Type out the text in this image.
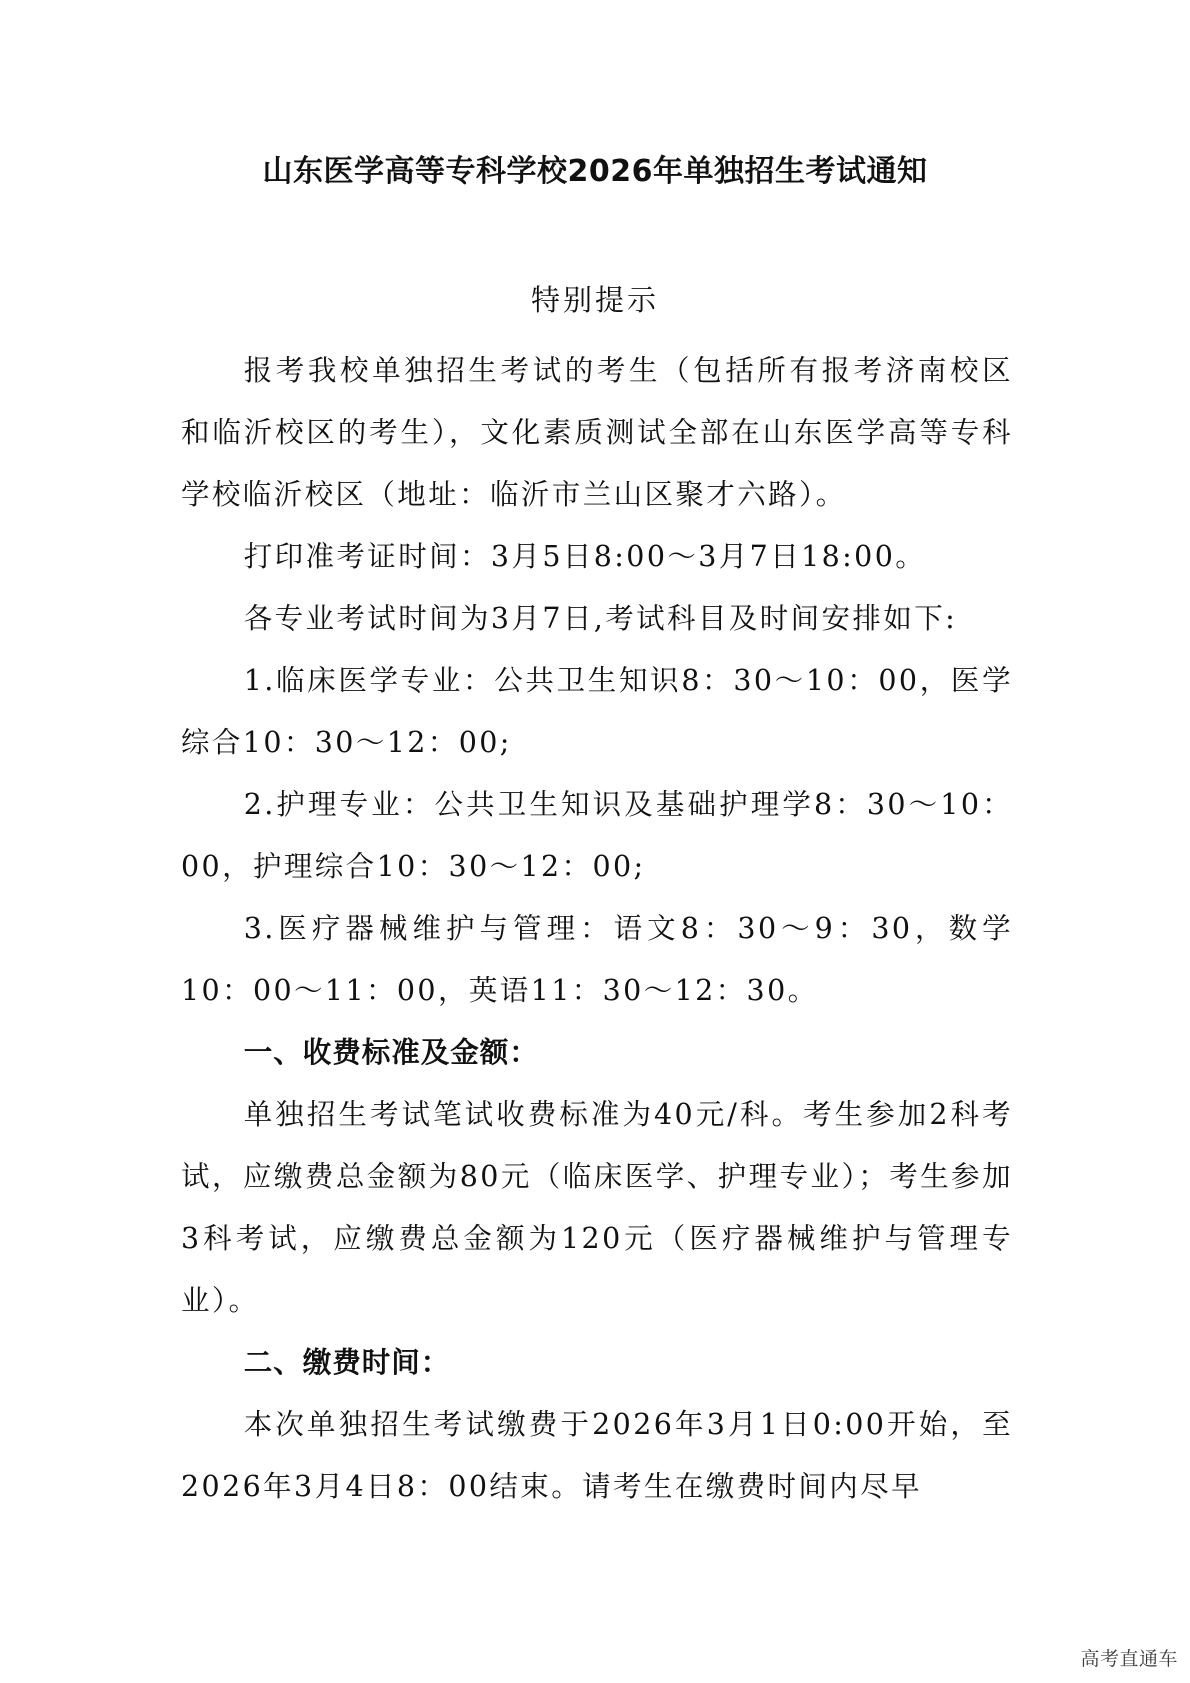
山东医学高等专科学校2026年单独招生考试通知
特别提示

报考我校单独招生考试的考生（包括所有报考济南校区和临沂校区的考生），文化素质测试全部在山东医学高等专科学校临沂校区（地址：临沂市兰山区聚才六路）。

打印准考证时间：3月5日8:00～3月7日18:00。

各专业考试时间为3月7日,考试科目及时间安排如下:

1.临床医学专业：公共卫生知识8：30～10：00，医学综合10：30～12：00;

2.护理专业：公共卫生知识及基础护理学8：30～10：00，护理综合10：30～12：00;

3.医疗器械维护与管理：语文8：30～9：30，数学10：00～11：00，英语11：30～12：30。

一、收费标准及金额：

单独招生考试笔试收费标准为40元/科。考生参加2科考试，应缴费总金额为80元（临床医学、护理专业）；考生参加3科考试，应缴费总金额为120元（医疗器械维护与管理专业）。

二、缴费时间：

本次单独招生考试缴费于2026年3月1日0:00开始，至2026年3月4日8：00结束。请考生在缴费时间内尽早

高考直通车
